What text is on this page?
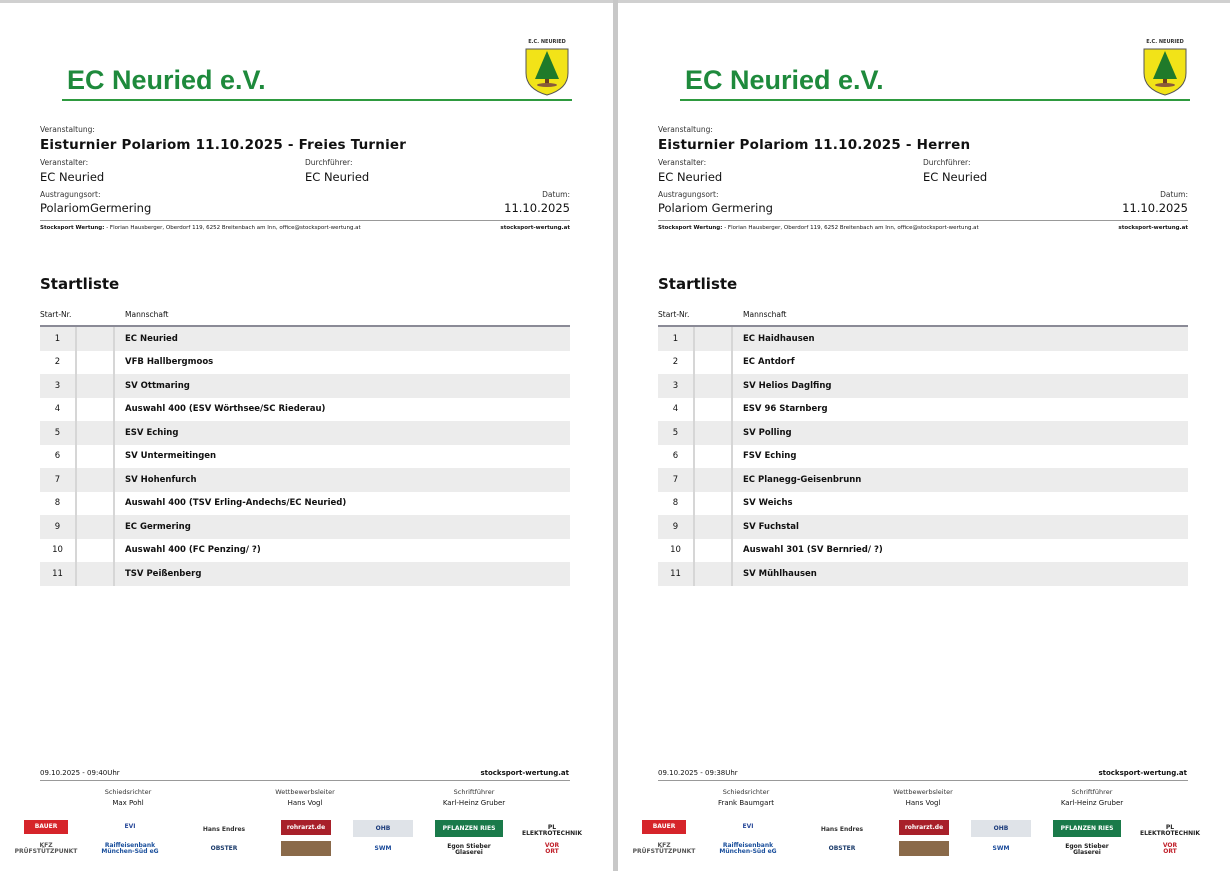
EC Neuried e.V.
E.C. NEURIED
Veranstaltung:
Eisturnier Polariom 11.10.2025 - Freies Turnier
Veranstalter:
EC Neuried
Durchführer:
EC Neuried
Austragungsort:
PolariomGermering
Datum:
11.10.2025
Stocksport Wertung: - Florian Hausberger, Oberdorf 119, 6252 Breitenbach am Inn, office@stocksport-wertung.at	stocksport-wertung.at
Startliste
Start-Nr.	Mannschaft
1	EC Neuried
2	VFB Hallbergmoos
3	SV Ottmaring
4	Auswahl 400 (ESV Wörthsee/SC Riederau)
5	ESV Eching
6	SV Untermeitingen
7	SV Hohenfurch
8	Auswahl 400 (TSV Erling-Andechs/EC Neuried)
9	EC Germering
10	Auswahl 400 (FC Penzing/ ?)
11	TSV Peißenberg
09.10.2025 - 09:40Uhr	stocksport-wertung.at
Schiedsrichter
Max Pohl
Wettbewerbsleiter
Hans Vogl
Schriftführer
Karl-Heinz Gruber
BAUER
KFZ PRÜFSTÜTZPUNKT
EVI
Raiffeisenbank München-Süd eG
Hans Endres
OBSTER
rohrarzt.de	OHB
SWM
PFLANZEN RIES
Egon Stieber Glaserei
PL ELEKTROTECHNIK
VOR ORT
EC Neuried e.V.
E.C. NEURIED
Veranstaltung:
Eisturnier Polariom 11.10.2025 - Herren
Veranstalter:
EC Neuried
Durchführer:
EC Neuried
Austragungsort:
Polariom Germering
Datum:
11.10.2025
Stocksport Wertung: - Florian Hausberger, Oberdorf 119, 6252 Breitenbach am Inn, office@stocksport-wertung.at	stocksport-wertung.at
Startliste
Start-Nr.	Mannschaft
1	EC Haidhausen
2	EC Antdorf
3	SV Helios Daglfing
4	ESV 96 Starnberg
5	SV Polling
6	FSV Eching
7	EC Planegg-Geisenbrunn
8	SV Weichs
9	SV Fuchstal
10	Auswahl 301 (SV Bernried/ ?)
11	SV Mühlhausen
09.10.2025 - 09:38Uhr	stocksport-wertung.at
Schiedsrichter
Frank Baumgart
Wettbewerbsleiter
Hans Vogl
Schriftführer
Karl-Heinz Gruber
BAUER
KFZ PRÜFSTÜTZPUNKT
EVI
Raiffeisenbank München-Süd eG
Hans Endres
OBSTER
rohrarzt.de	OHB
SWM
PFLANZEN RIES
Egon Stieber Glaserei
PL ELEKTROTECHNIK
VOR ORT
